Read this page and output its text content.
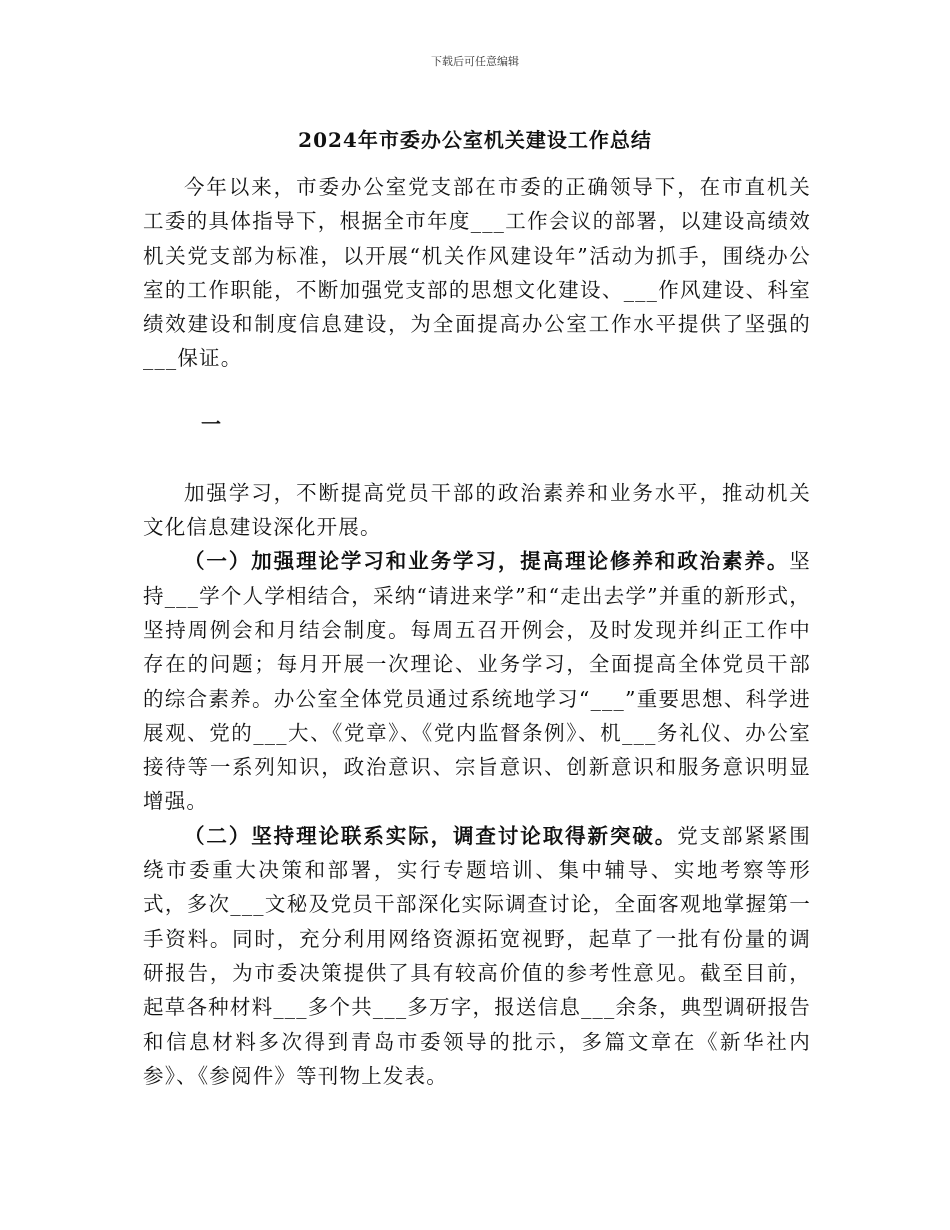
下载后可任意编辑
2024年市委办公室机关建设工作总结

今年以来，市委办公室党支部在市委的正确领导下，在市直机关工委的具体指导下，根据全市年度___工作会议的部署，以建设高绩效机关党支部为标准，以开展“机关作风建设年”活动为抓手，围绕办公室的工作职能，不断加强党支部的思想文化建设、___作风建设、科室绩效建设和制度信息建设，为全面提高办公室工作水平提供了坚强的___保证。

一

加强学习，不断提高党员干部的政治素养和业务水平，推动机关文化信息建设深化开展。

（一）加强理论学习和业务学习，提高理论修养和政治素养。坚持___学个人学相结合，采纳“请进来学”和“走出去学”并重的新形式，坚持周例会和月结会制度。每周五召开例会，及时发现并纠正工作中存在的问题；每月开展一次理论、业务学习，全面提高全体党员干部的综合素养。办公室全体党员通过系统地学习“___”重要思想、科学进展观、党的___大、《党章》、《党内监督条例》、机___务礼仪、办公室接待等一系列知识，政治意识、宗旨意识、创新意识和服务意识明显增强。

（二）坚持理论联系实际，调查讨论取得新突破。党支部紧紧围绕市委重大决策和部署，实行专题培训、集中辅导、实地考察等形式，多次___文秘及党员干部深化实际调查讨论，全面客观地掌握第一手资料。同时，充分利用网络资源拓宽视野，起草了一批有份量的调研报告，为市委决策提供了具有较高价值的参考性意见。截至目前，起草各种材料___多个共___多万字，报送信息___余条，典型调研报告和信息材料多次得到青岛市委领导的批示，多篇文章在《新华社内参》、《参阅件》等刊物上发表。
